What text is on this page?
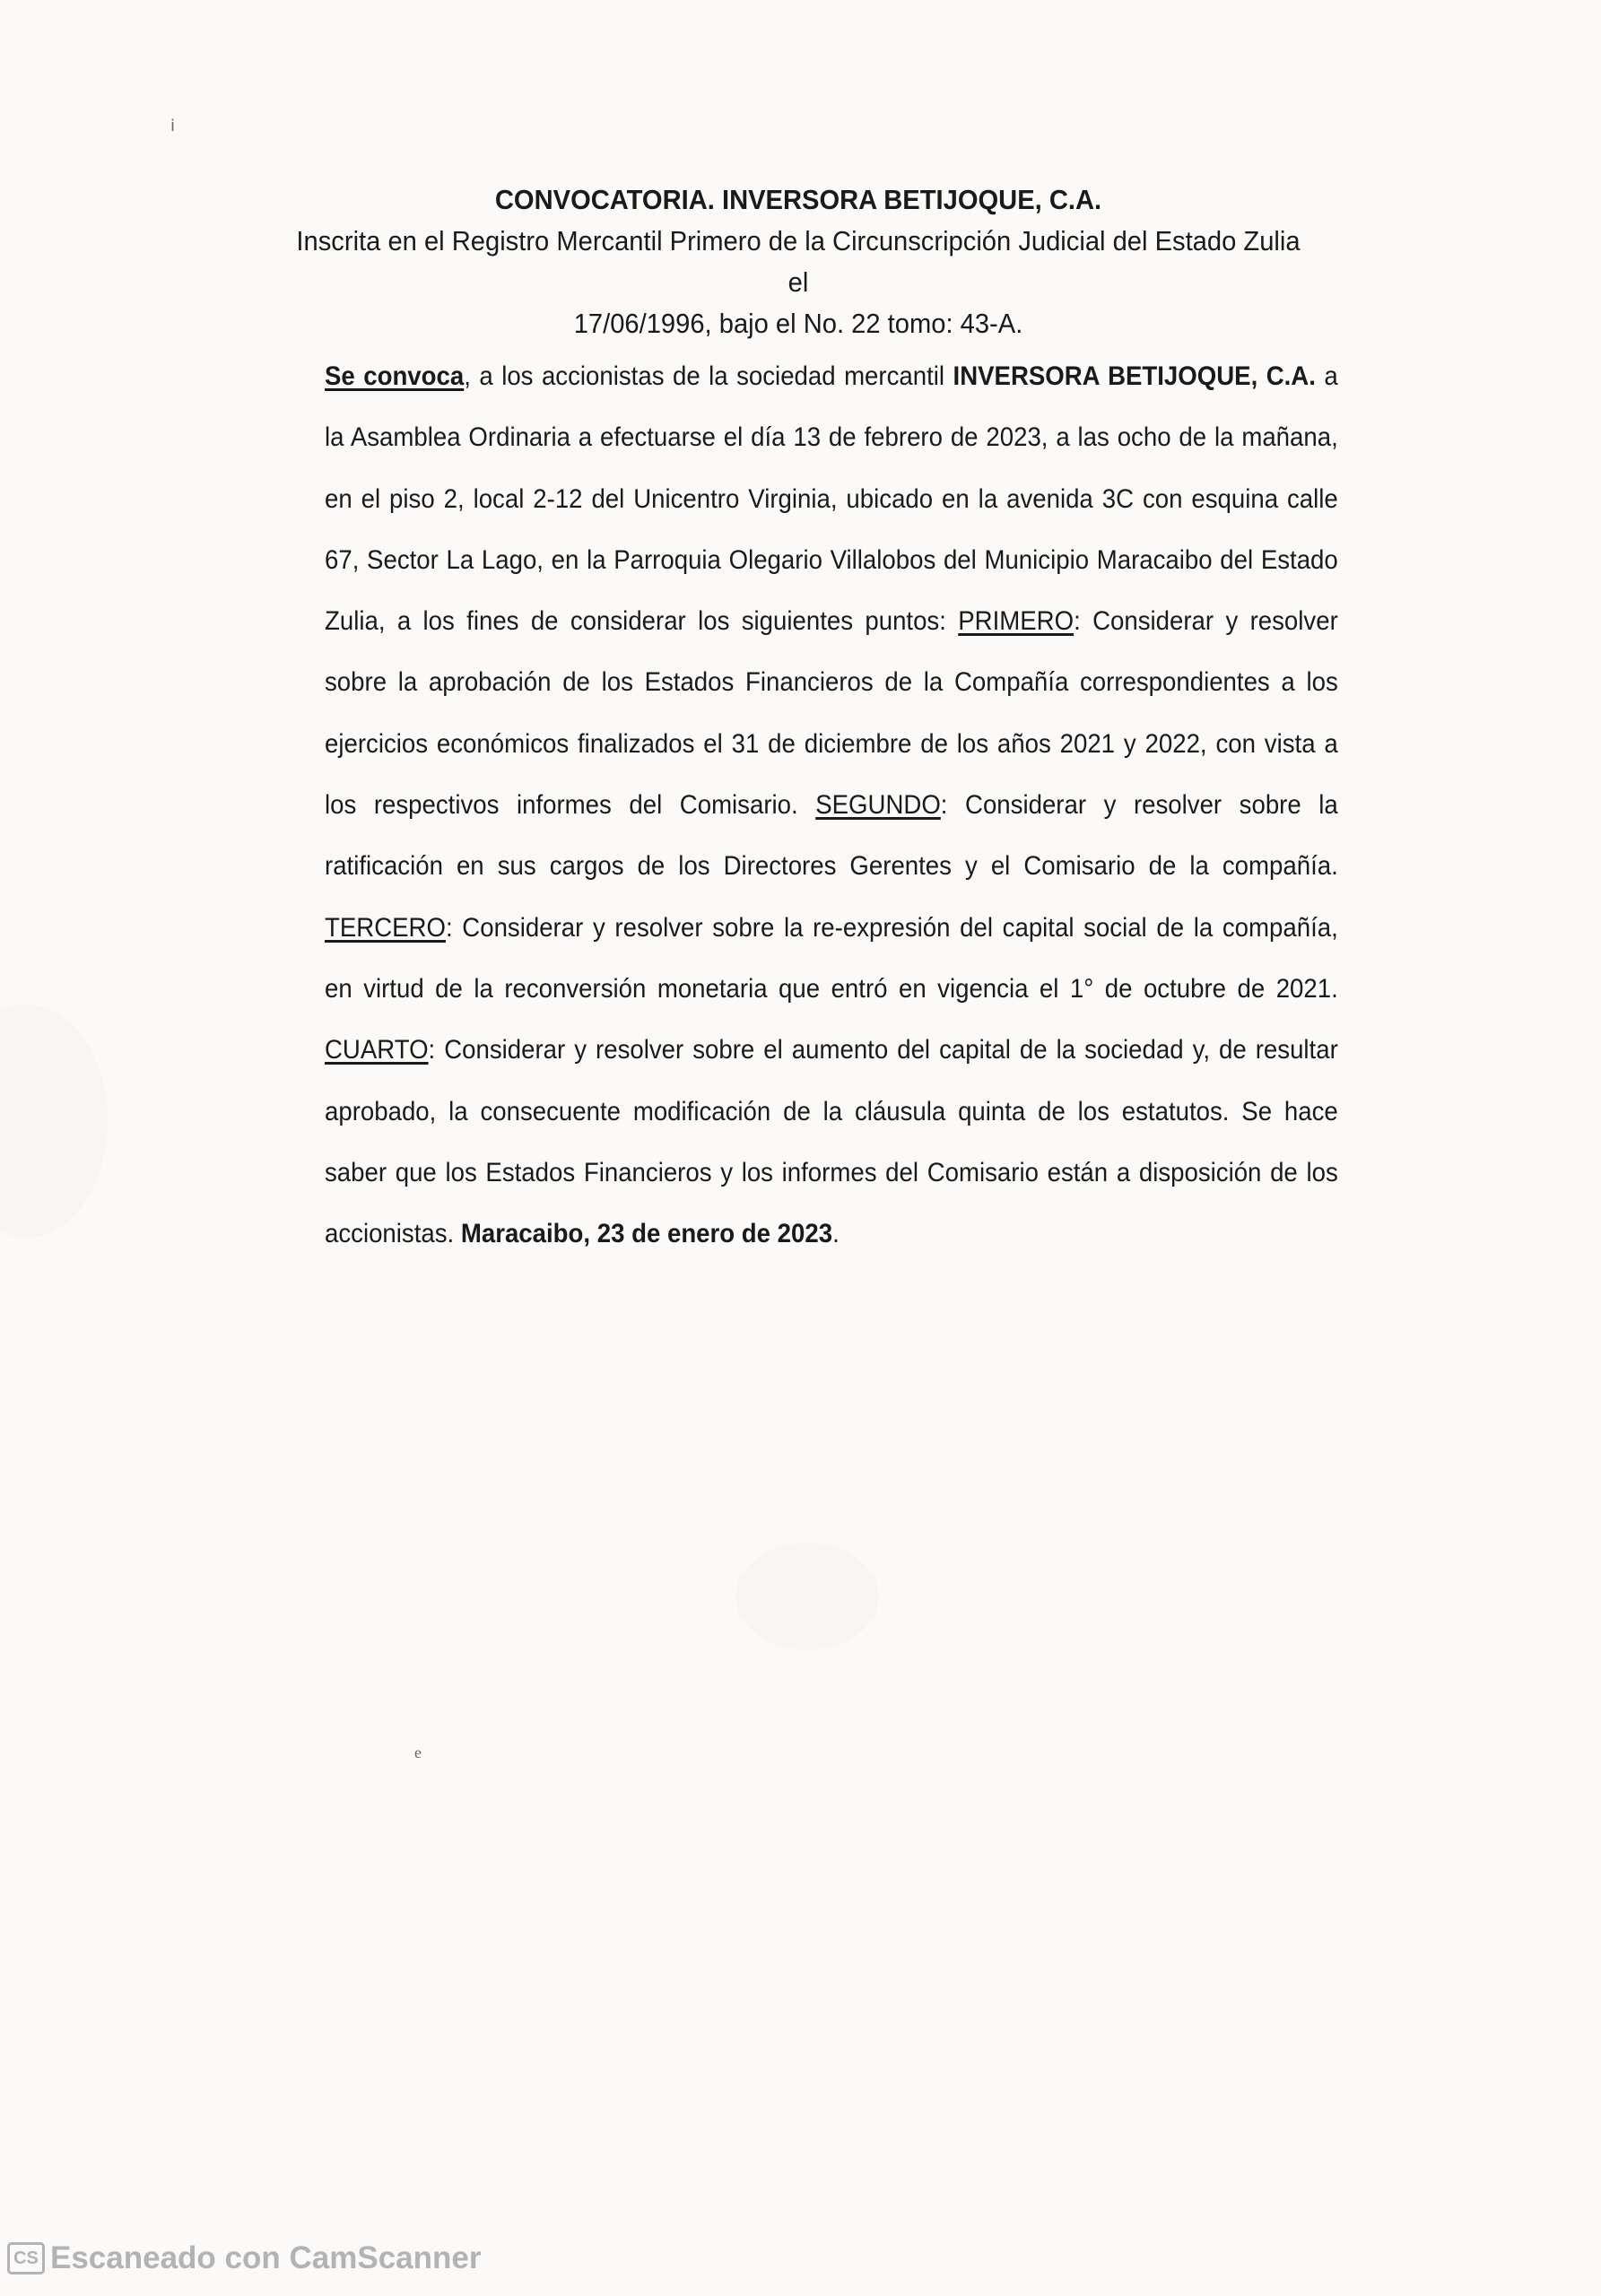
ⅰ
e
CONVOCATORIA. INVERSORA BETIJOQUE, C.A.
Inscrita en el Registro Mercantil Primero de la Circunscripción Judicial del Estado Zulia el
17/06/1996, bajo el No. 22 tomo: 43-A.
Se convoca, a los accionistas de la sociedad mercantil INVERSORA BETIJOQUE, C.A. a la Asamblea Ordinaria a efectuarse el día 13 de febrero de 2023, a las ocho de la mañana, en el piso 2, local 2-12 del Unicentro Virginia, ubicado en la avenida 3C con esquina calle 67, Sector La Lago, en la Parroquia Olegario Villalobos del Municipio Maracaibo del Estado Zulia, a los fines de considerar los siguientes puntos: PRIMERO: Considerar y resolver sobre la aprobación de los Estados Financieros de la Compañía correspondientes a los ejercicios económicos finalizados el 31 de diciembre de los años 2021 y 2022, con vista a los respectivos informes del Comisario. SEGUNDO: Considerar y resolver sobre la ratificación en sus cargos de los Directores Gerentes y el Comisario de la compañía. TERCERO: Considerar y resolver sobre la re-expresión del capital social de la compañía, en virtud de la reconversión monetaria que entró en vigencia el 1° de octubre de 2021. CUARTO: Considerar y resolver sobre el aumento del capital de la sociedad y, de resultar aprobado, la consecuente modificación de la cláusula quinta de los estatutos. Se hace saber que los Estados Financieros y los informes del Comisario están a disposición de los accionistas. Maracaibo, 23 de enero de 2023.
CS Escaneado con CamScanner
